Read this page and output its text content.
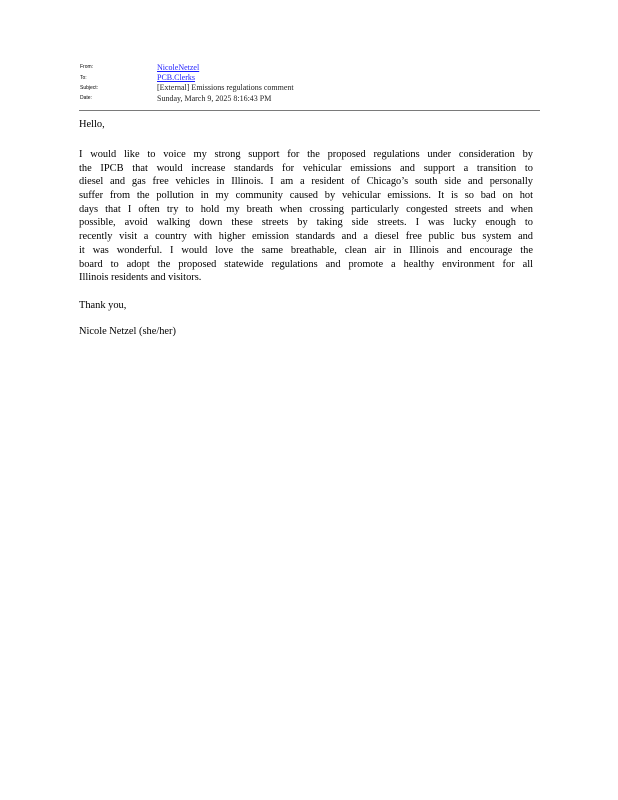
From:	NicoleNetzel
To:	PCB.Clerks
Subject:	[External] Emissions regulations comment
Date:	Sunday, March 9, 2025 8:16:43 PM
Hello,
I would like to voice my strong support for the proposed regulations under consideration by
the IPCB that would increase standards for vehicular emissions and support a transition to
diesel and gas free vehicles in Illinois. I am a resident of Chicago’s south side and personally
suffer from the pollution in my community caused by vehicular emissions. It is so bad on hot
days that I often try to hold my breath when crossing particularly congested streets and when
possible, avoid walking down these streets by taking side streets. I was lucky enough to
recently visit a country with higher emission standards and a diesel free public bus system and
it was wonderful. I would love the same breathable, clean air in Illinois and encourage the
board to adopt the proposed statewide regulations and promote a healthy environment for all
Illinois residents and visitors.
Thank you,
Nicole Netzel (she/her)
